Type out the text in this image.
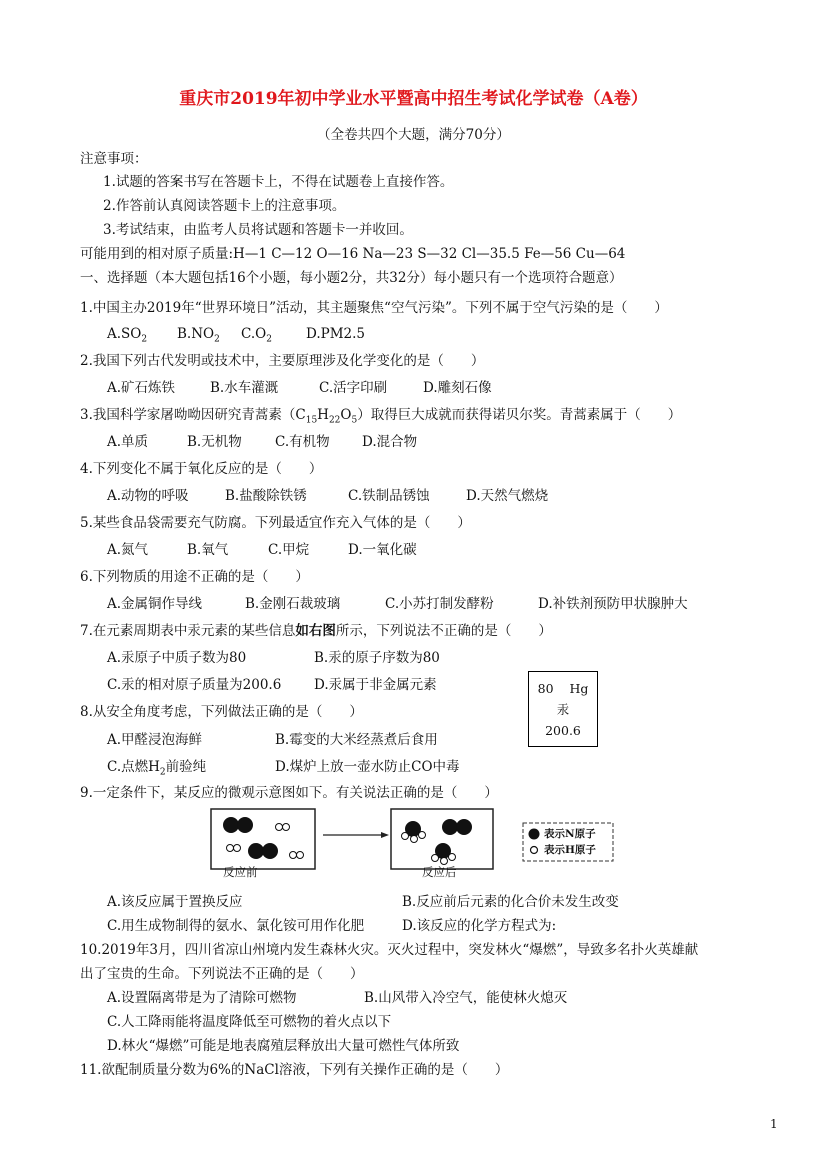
重庆市2019年初中学业水平暨高中招生考试化学试卷（A卷）
（全卷共四个大题，满分70分）
注意事项：
1.试题的答案书写在答题卡上，不得在试题卷上直接作答。
2.作答前认真阅读答题卡上的注意事项。
3.考试结束，由监考人员将试题和答题卡一并收回。
可能用到的相对原子质量:H—1 C—12 O—16 Na—23 S—32 Cl—35.5 Fe—56 Cu—64
一、选择题（本大题包括16个小题，每小题2分，共32分）每小题只有一个选项符合题意）
1.中国主办2019年“世界环境日”活动，其主题聚焦“空气污染”。下列不属于空气污染的是（　　）
$A.SO_2$ $B.NO_2$ $C.O_2$	D.PM2.5
2.我国下列古代发明或技术中，主要原理涉及化学变化的是（　　）
A.矿石炼铁	B.水车灌溉	C.活字印刷	D.雕刻石像
3.我国科学家屠呦呦因研究青蒿素$(C_{15}H_{22}O_5)$取得巨大成就而获得诺贝尔奖。青蒿素属于（　　）
A.单质	B.无机物 C.有机物 D.混合物
4.下列变化不属于氧化反应的是（　　）
A.动物的呼吸	B.盐酸除铁锈	C.铁制品锈蚀	D.天然气燃烧
5.某些食品袋需要充气防腐。下列最适宜作充入气体的是（　　）
A.氮气	B.氧气	C.甲烷	D.一氧化碳
6.下列物质的用途不正确的是（　　）
A.金属铜作导线	B.金刚石裁玻璃	C.小苏打制发酵粉	D.补铁剂预防甲状腺肿大
7.在元素周期表中汞元素的某些信息如右图所示，下列说法不正确的是（　　）
A.汞原子中质子数为80	B.汞的原子序数为80
C.汞的相对原子质量为200.6 D.汞属于非金属元素	80 Hg
汞
200.6
8.从安全角度考虑，下列做法正确的是（　　）
A.甲醛浸泡海鲜	B.霉变的大米经蒸煮后食用
C.点燃$H_2$前验纯	D.煤炉上放一壶水防止CO中毒
9.一定条件下，某反应的微观示意图如下。有关说法正确的是（　　）
反应前	反应后
表示N原子
表示H原子
A.该反应属于置换反应	B.反应前后元素的化合价未发生改变
C.用生成物制得的氨水、氯化铵可用作化肥	D.该反应的化学方程式为:
10.2019年3月，四川省凉山州境内发生森林火灾。灭火过程中，突发林火“爆燃”，导致多名扑火英雄献
出了宝贵的生命。下列说法不正确的是（　　）
A.设置隔离带是为了清除可燃物	B.山风带入冷空气，能使林火熄灭
C.人工降雨能将温度降低至可燃物的着火点以下
D.林火“爆燃”可能是地表腐殖层释放出大量可燃性气体所致
11.欲配制质量分数为6%的NaCl溶液，下列有关操作正确的是（　　）
1
